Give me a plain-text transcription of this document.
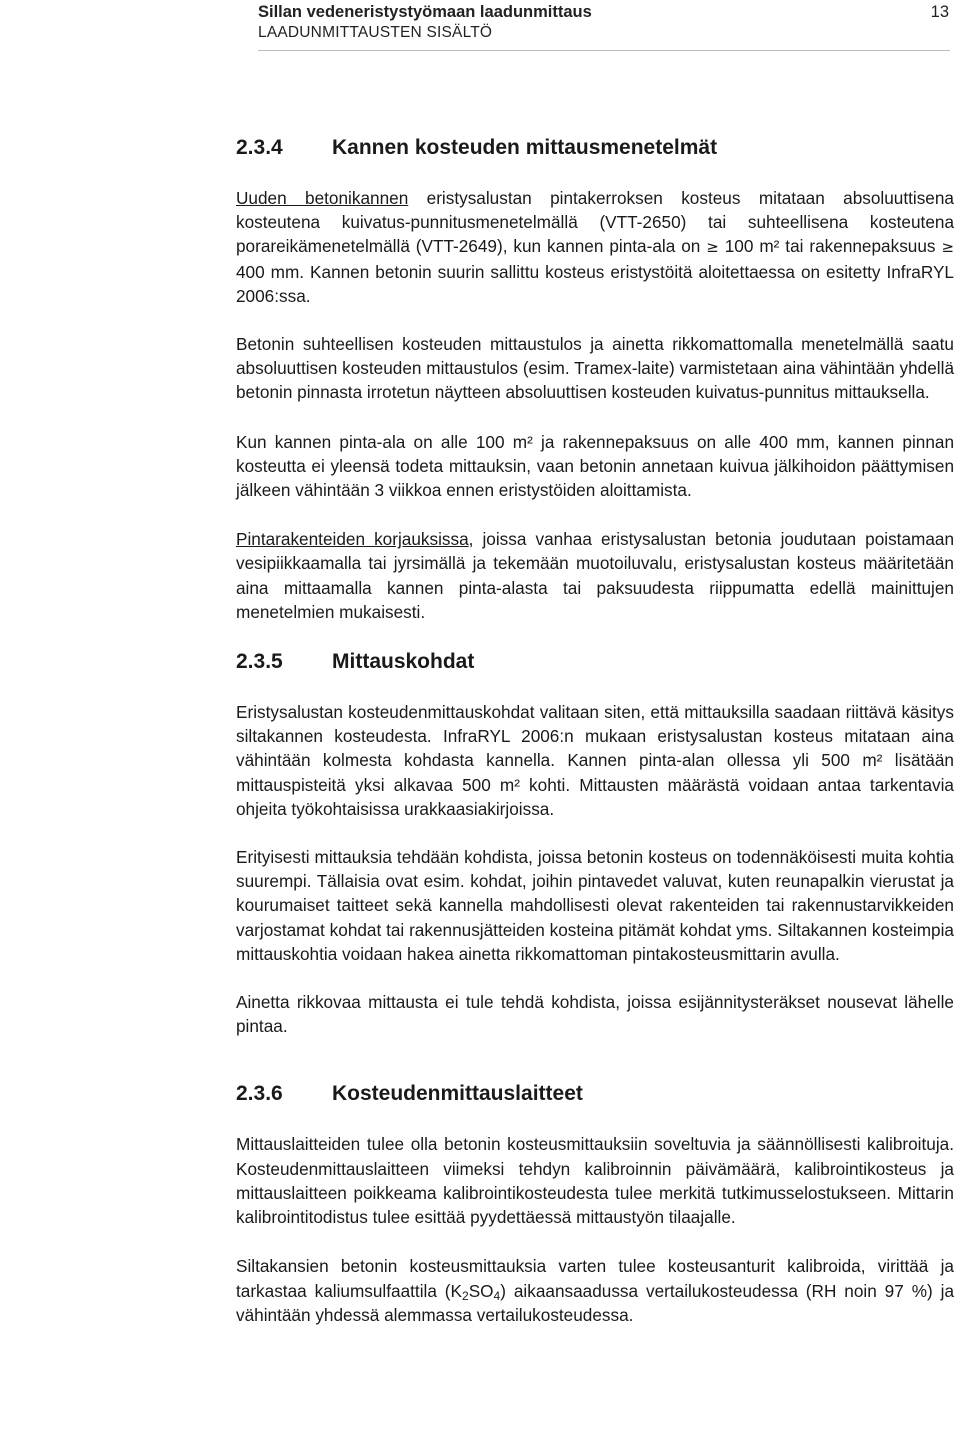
Sillan vedeneristystyömaan laadunmittaus
LAADUNMITTAUSTEN SISÄLTÖ
13
2.3.4	Kannen kosteuden mittausmenetelmät

Uuden betonikannen eristysalustan pintakerroksen kosteus mitataan absoluuttisena kosteutena kuivatus-punnitusmenetelmällä (VTT-2650) tai suhteellisena kosteutena porareikämenetelmällä (VTT-2649), kun kannen pinta-ala on ≥ 100 m² tai rakennepaksuus ≥ 400 mm. Kannen betonin suurin sallittu kosteus eristystöitä aloitettaessa on esitetty InfraRYL 2006:ssa.

Betonin suhteellisen kosteuden mittaustulos ja ainetta rikkomattomalla menetelmällä saatu absoluuttisen kosteuden mittaustulos (esim. Tramex-laite) varmistetaan aina vähintään yhdellä betonin pinnasta irrotetun näytteen absoluuttisen kosteuden kuivatus-punnitus mittauksella.

Kun kannen pinta-ala on alle 100 m² ja rakennepaksuus on alle 400 mm, kannen pinnan kosteutta ei yleensä todeta mittauksin, vaan betonin annetaan kuivua jälkihoidon päättymisen jälkeen vähintään 3 viikkoa ennen eristystöiden aloittamista.

Pintarakenteiden korjauksissa, joissa vanhaa eristysalustan betonia joudutaan poistamaan vesipiikkaamalla tai jyrsimällä ja tekemään muotoiluvalu, eristysalustan kosteus määritetään aina mittaamalla kannen pinta-alasta tai paksuudesta riippumatta edellä mainittujen menetelmien mukaisesti.

2.3.5	Mittauskohdat

Eristysalustan kosteudenmittauskohdat valitaan siten, että mittauksilla saadaan riittävä käsitys siltakannen kosteudesta. InfraRYL 2006:n mukaan eristysalustan kosteus mitataan aina vähintään kolmesta kohdasta kannella. Kannen pinta-alan ollessa yli 500 m² lisätään mittauspisteitä yksi alkavaa 500 m² kohti. Mittausten määrästä voidaan antaa tarkentavia ohjeita työkohtaisissa urakkaasiakirjoissa.

Erityisesti mittauksia tehdään kohdista, joissa betonin kosteus on todennäköisesti muita kohtia suurempi. Tällaisia ovat esim. kohdat, joihin pintavedet valuvat, kuten reunapalkin vierustat ja kourumaiset taitteet sekä kannella mahdollisesti olevat rakenteiden tai rakennustarvikkeiden varjostamat kohdat tai rakennusjätteiden kosteina pitämät kohdat yms. Siltakannen kosteimpia mittauskohtia voidaan hakea ainetta rikkomattoman pintakosteusmittarin avulla.

Ainetta rikkovaa mittausta ei tule tehdä kohdista, joissa esijännitysteräkset nousevat lähelle pintaa.

2.3.6	Kosteudenmittauslaitteet

Mittauslaitteiden tulee olla betonin kosteusmittauksiin soveltuvia ja säännöllisesti kalibroituja. Kosteudenmittauslaitteen viimeksi tehdyn kalibroinnin päivämäärä, kalibrointikosteus ja mittauslaitteen poikkeama kalibrointikosteudesta tulee merkitä tutkimusselostukseen. Mittarin kalibrointitodistus tulee esittää pyydettäessä mittaustyön tilaajalle.

Siltakansien betonin kosteusmittauksia varten tulee kosteusanturit kalibroida, virittää ja tarkastaa kaliumsulfaattila $(K_2SO_4)$ aikaansaadussa vertailukosteudessa (RH noin 97 %) ja vähintään yhdessä alemmassa vertailukosteudessa.
